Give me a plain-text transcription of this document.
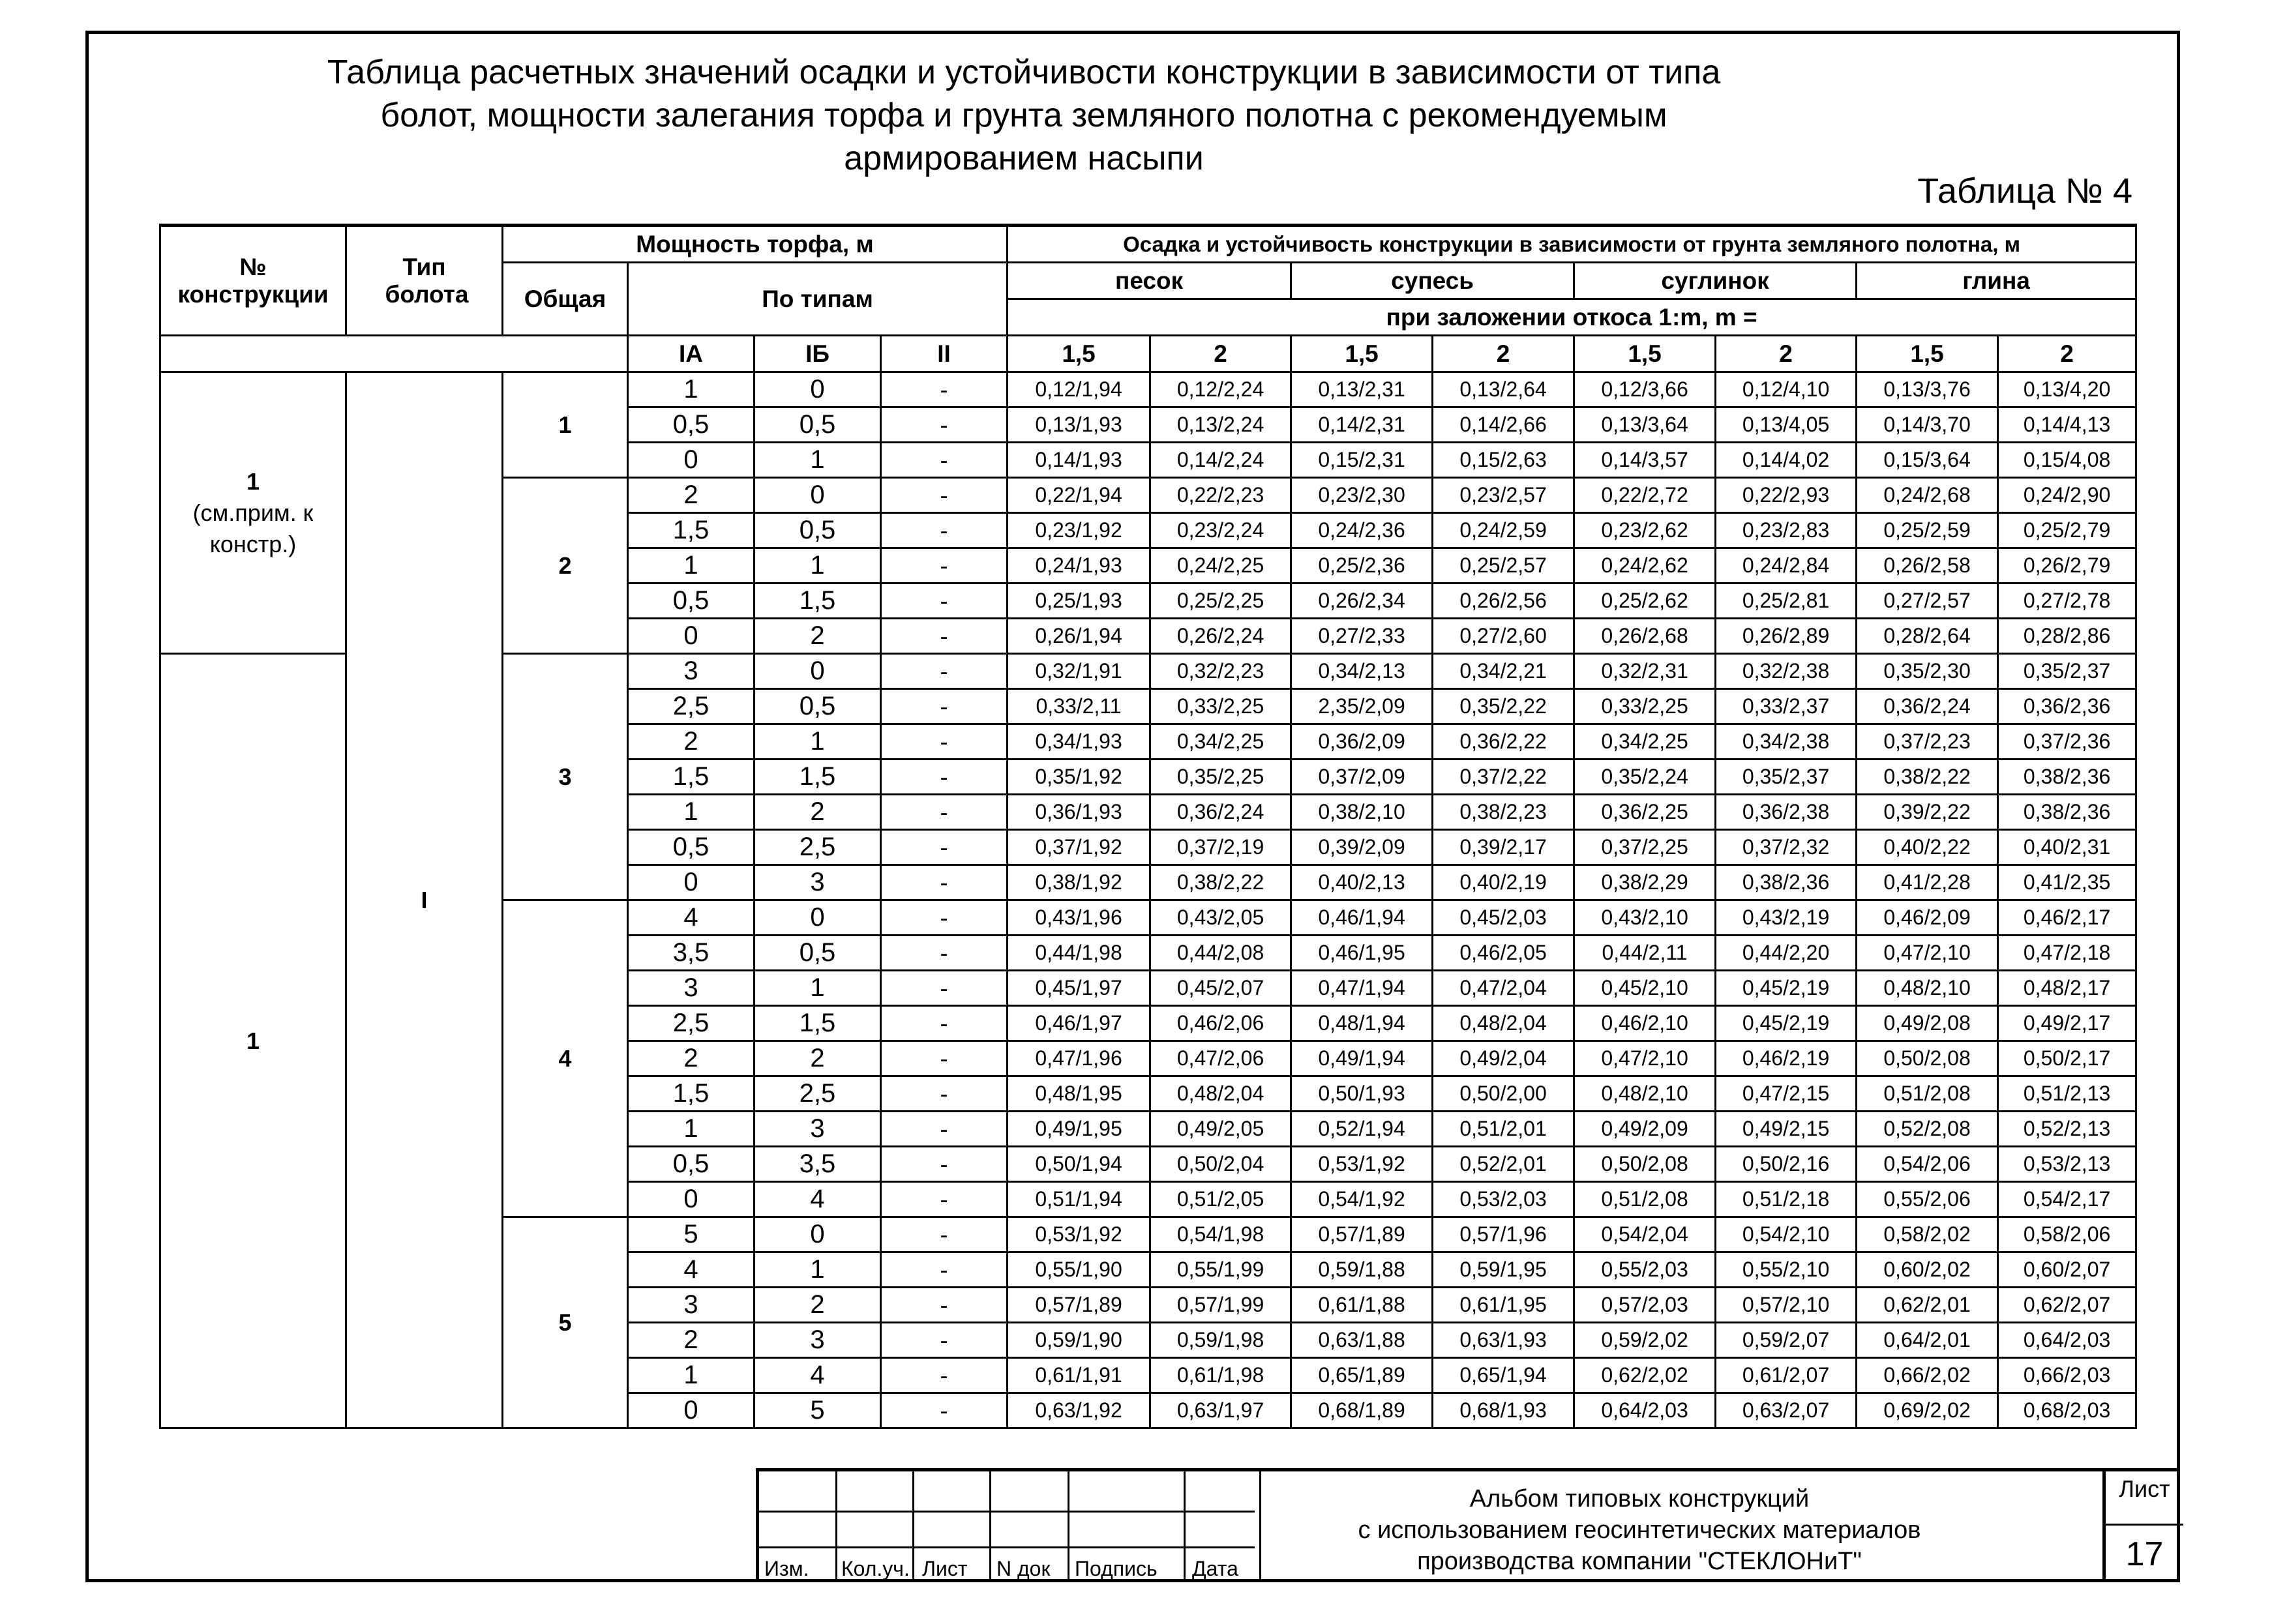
Таблица расчетных значений осадки и устойчивости конструкции в зависимости от типа
болот, мощности залегания торфа и грунта земляного полотна с рекомендуемым
армированием насыпи
Таблица № 4
№ конструкции	Тип болота	Мощность торфа, м				Осадка и устойчивость конструкции в зависимости от грунта земляного полотна, м							
		Общая	По типам			песок		супесь		суглинок		глина	
						при заложении откоса 1:m, m =							
			IА	IБ	II	1,5	2	1,5	2	1,5	2	1,5	2

1
(см.прим. к
констр.)	I	1	1	0	-	0,12/1,94	0,12/2,24	0,13/2,31	0,13/2,64	0,12/3,66	0,12/4,10	0,13/3,76	0,13/4,20
			0,5	0,5	-	0,13/1,93	0,13/2,24	0,14/2,31	0,14/2,66	0,13/3,64	0,13/4,05	0,14/3,70	0,14/4,13
			0	1	-	0,14/1,93	0,14/2,24	0,15/2,31	0,15/2,63	0,14/3,57	0,14/4,02	0,15/3,64	0,15/4,08
		2	2	0	-	0,22/1,94	0,22/2,23	0,23/2,30	0,23/2,57	0,22/2,72	0,22/2,93	0,24/2,68	0,24/2,90
			1,5	0,5	-	0,23/1,92	0,23/2,24	0,24/2,36	0,24/2,59	0,23/2,62	0,23/2,83	0,25/2,59	0,25/2,79
			1	1	-	0,24/1,93	0,24/2,25	0,25/2,36	0,25/2,57	0,24/2,62	0,24/2,84	0,26/2,58	0,26/2,79
			0,5	1,5	-	0,25/1,93	0,25/2,25	0,26/2,34	0,26/2,56	0,25/2,62	0,25/2,81	0,27/2,57	0,27/2,78
			0	2	-	0,26/1,94	0,26/2,24	0,27/2,33	0,27/2,60	0,26/2,68	0,26/2,89	0,28/2,64	0,28/2,86
1		3	3	0	-	0,32/1,91	0,32/2,23	0,34/2,13	0,34/2,21	0,32/2,31	0,32/2,38	0,35/2,30	0,35/2,37
			2,5	0,5	-	0,33/2,11	0,33/2,25	2,35/2,09	0,35/2,22	0,33/2,25	0,33/2,37	0,36/2,24	0,36/2,36
			2	1	-	0,34/1,93	0,34/2,25	0,36/2,09	0,36/2,22	0,34/2,25	0,34/2,38	0,37/2,23	0,37/2,36
			1,5	1,5	-	0,35/1,92	0,35/2,25	0,37/2,09	0,37/2,22	0,35/2,24	0,35/2,37	0,38/2,22	0,38/2,36
			1	2	-	0,36/1,93	0,36/2,24	0,38/2,10	0,38/2,23	0,36/2,25	0,36/2,38	0,39/2,22	0,38/2,36
			0,5	2,5	-	0,37/1,92	0,37/2,19	0,39/2,09	0,39/2,17	0,37/2,25	0,37/2,32	0,40/2,22	0,40/2,31
			0	3	-	0,38/1,92	0,38/2,22	0,40/2,13	0,40/2,19	0,38/2,29	0,38/2,36	0,41/2,28	0,41/2,35
		4	4	0	-	0,43/1,96	0,43/2,05	0,46/1,94	0,45/2,03	0,43/2,10	0,43/2,19	0,46/2,09	0,46/2,17
			3,5	0,5	-	0,44/1,98	0,44/2,08	0,46/1,95	0,46/2,05	0,44/2,11	0,44/2,20	0,47/2,10	0,47/2,18
			3	1	-	0,45/1,97	0,45/2,07	0,47/1,94	0,47/2,04	0,45/2,10	0,45/2,19	0,48/2,10	0,48/2,17
			2,5	1,5	-	0,46/1,97	0,46/2,06	0,48/1,94	0,48/2,04	0,46/2,10	0,45/2,19	0,49/2,08	0,49/2,17
			2	2	-	0,47/1,96	0,47/2,06	0,49/1,94	0,49/2,04	0,47/2,10	0,46/2,19	0,50/2,08	0,50/2,17
			1,5	2,5	-	0,48/1,95	0,48/2,04	0,50/1,93	0,50/2,00	0,48/2,10	0,47/2,15	0,51/2,08	0,51/2,13
			1	3	-	0,49/1,95	0,49/2,05	0,52/1,94	0,51/2,01	0,49/2,09	0,49/2,15	0,52/2,08	0,52/2,13
			0,5	3,5	-	0,50/1,94	0,50/2,04	0,53/1,92	0,52/2,01	0,50/2,08	0,50/2,16	0,54/2,06	0,53/2,13
			0	4	-	0,51/1,94	0,51/2,05	0,54/1,92	0,53/2,03	0,51/2,08	0,51/2,18	0,55/2,06	0,54/2,17
		5	5	0	-	0,53/1,92	0,54/1,98	0,57/1,89	0,57/1,96	0,54/2,04	0,54/2,10	0,58/2,02	0,58/2,06
			4	1	-	0,55/1,90	0,55/1,99	0,59/1,88	0,59/1,95	0,55/2,03	0,55/2,10	0,60/2,02	0,60/2,07
			3	2	-	0,57/1,89	0,57/1,99	0,61/1,88	0,61/1,95	0,57/2,03	0,57/2,10	0,62/2,01	0,62/2,07
			2	3	-	0,59/1,90	0,59/1,98	0,63/1,88	0,63/1,93	0,59/2,02	0,59/2,07	0,64/2,01	0,64/2,03
			1	4	-	0,61/1,91	0,61/1,98	0,65/1,89	0,65/1,94	0,62/2,02	0,61/2,07	0,66/2,02	0,66/2,03
			0	5	-	0,63/1,92	0,63/1,97	0,68/1,89	0,68/1,93	0,64/2,03	0,63/2,07	0,69/2,02	0,68/2,03
Изм. Кол.уч. Лист N док Подпись Дата
Альбом типовых конструкций
с использованием геосинтетических материалов
производства компании "СТЕКЛОНиТ"
Лист
17
